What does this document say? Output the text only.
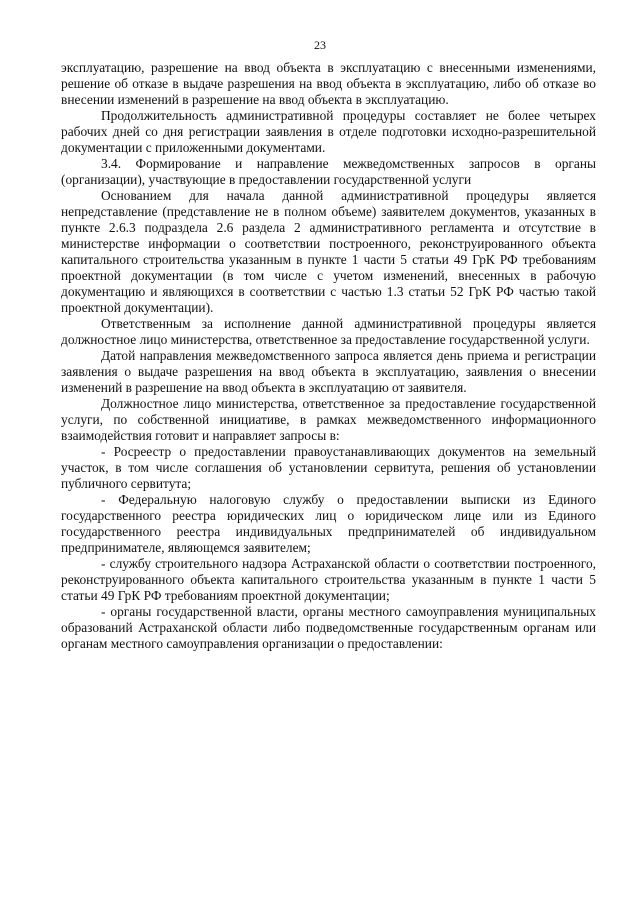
23

эксплуатацию, разрешение на ввод объекта в эксплуатацию с внесенными изменениями, решение об отказе в выдаче разрешения на ввод объекта в эксплуатацию, либо об отказе во внесении изменений в разрешение на ввод объекта в эксплуатацию.

Продолжительность административной процедуры составляет не более четырех рабочих дней со дня регистрации заявления в отделе подготовки исходно-разрешительной документации с приложенными документами.

3.4. Формирование и направление межведомственных запросов в органы (организации), участвующие в предоставлении государственной услуги

Основанием для начала данной административной процедуры является непредставление (представление не в полном объеме) заявителем документов, указанных в пункте 2.6.3 подраздела 2.6 раздела 2 административного регламента и отсутствие в министерстве информации о соответствии построенного, реконструированного объекта капитального строительства указанным в пункте 1 части 5 статьи 49 ГрК РФ требованиям проектной документации (в том числе с учетом изменений, внесенных в рабочую документацию и являющихся в соответствии с частью 1.3 статьи 52 ГрК РФ частью такой проектной документации).

Ответственным за исполнение данной административной процедуры является должностное лицо министерства, ответственное за предоставление государственной услуги.

Датой направления межведомственного запроса является день приема и регистрации заявления о выдаче разрешения на ввод объекта в эксплуатацию, заявления о внесении изменений в разрешение на ввод объекта в эксплуатацию от заявителя.

Должностное лицо министерства, ответственное за предоставление государственной услуги, по собственной инициативе, в рамках межведомственного информационного взаимодействия готовит и направляет запросы в:

- Росреестр о предоставлении правоустанавливающих документов на земельный участок, в том числе соглашения об установлении сервитута, решения об установлении публичного сервитута;

- Федеральную налоговую службу о предоставлении выписки из Единого государственного реестра юридических лиц о юридическом лице или из Единого государственного реестра индивидуальных предпринимателей об индивидуальном предпринимателе, являющемся заявителем;

- службу строительного надзора Астраханской области о соответствии построенного, реконструированного объекта капитального строительства указанным в пункте 1 части 5 статьи 49 ГрК РФ требованиям проектной документации;

- органы государственной власти, органы местного самоуправления муниципальных образований Астраханской области либо подведомственные государственным органам или органам местного самоуправления организации о предоставлении:
